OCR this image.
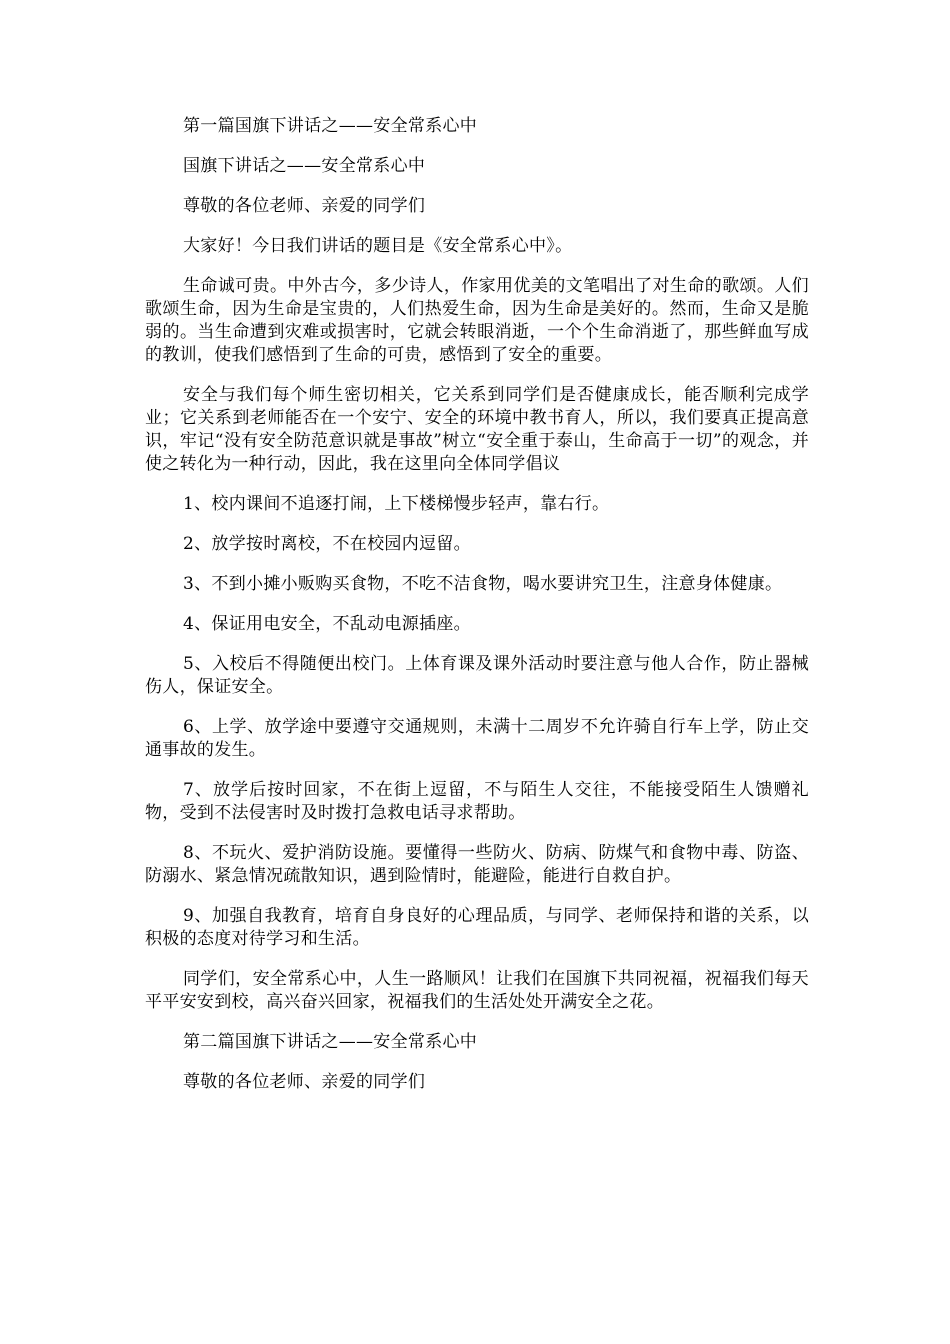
第一篇国旗下讲话之——安全常系心中

国旗下讲话之——安全常系心中

尊敬的各位老师、亲爱的同学们

大家好！今日我们讲话的题目是《安全常系心中》。

生命诚可贵。中外古今，多少诗人，作家用优美的文笔唱出了对生命的歌颂。人们歌颂生命，因为生命是宝贵的，人们热爱生命，因为生命是美好的。然而，生命又是脆弱的。当生命遭到灾难或损害时，它就会转眼消逝，一个个生命消逝了，那些鲜血写成的教训，使我们感悟到了生命的可贵，感悟到了安全的重要。

安全与我们每个师生密切相关，它关系到同学们是否健康成长，能否顺利完成学业；它关系到老师能否在一个安宁、安全的环境中教书育人，所以，我们要真正提高意识，牢记“没有安全防范意识就是事故”树立“安全重于泰山，生命高于一切”的观念，并使之转化为一种行动，因此，我在这里向全体同学倡议

1、校内课间不追逐打闹，上下楼梯慢步轻声，靠右行。

2、放学按时离校，不在校园内逗留。

3、不到小摊小贩购买食物，不吃不洁食物，喝水要讲究卫生，注意身体健康。

4、保证用电安全，不乱动电源插座。

5、入校后不得随便出校门。上体育课及课外活动时要注意与他人合作，防止器械伤人，保证安全。

6、上学、放学途中要遵守交通规则，未满十二周岁不允许骑自行车上学，防止交通事故的发生。

7、放学后按时回家，不在街上逗留，不与陌生人交往，不能接受陌生人馈赠礼物，受到不法侵害时及时拨打急救电话寻求帮助。

8、不玩火、爱护消防设施。要懂得一些防火、防病、防煤气和食物中毒、防盗、防溺水、紧急情况疏散知识，遇到险情时，能避险，能进行自救自护。

9、加强自我教育，培育自身良好的心理品质，与同学、老师保持和谐的关系，以积极的态度对待学习和生活。

同学们，安全常系心中，人生一路顺风！让我们在国旗下共同祝福，祝福我们每天平平安安到校，高兴奋兴回家，祝福我们的生活处处开满安全之花。

第二篇国旗下讲话之——安全常系心中

尊敬的各位老师、亲爱的同学们
